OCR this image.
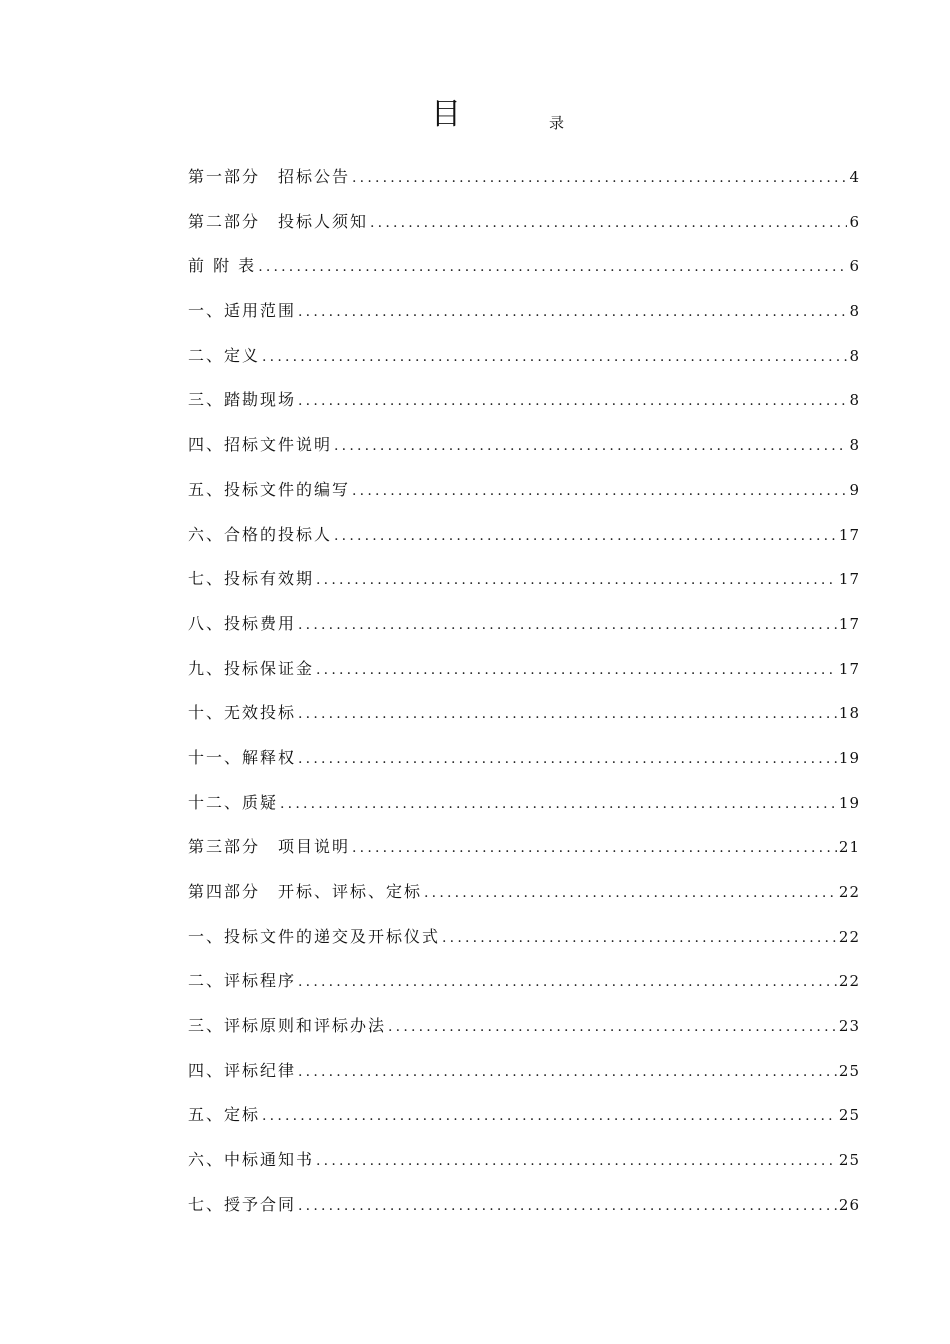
目	录
第一部分　招标公告 .....	4
第二部分　投标人须知 .....	6
前 附 表 .....	6
一、适用范围 .....	8
二、定义 .....	8
三、踏勘现场 .....	8
四、招标文件说明 .....	8
五、投标文件的编写 .....	9
六、合格的投标人 .....	17
七、投标有效期 .....	17
八、投标费用 .....	17
九、投标保证金 .....	17
十、无效投标 .....	18
十一、解释权 .....	19
十二、质疑 .....	19
第三部分　项目说明 .....	21
第四部分　开标、评标、定标 .....	22
一、投标文件的递交及开标仪式 .....	22
二、评标程序 .....	22
三、评标原则和评标办法 .....	23
四、评标纪律 .....	25
五、定标 .....	25
六、中标通知书 .....	25
七、授予合同 .....	26
